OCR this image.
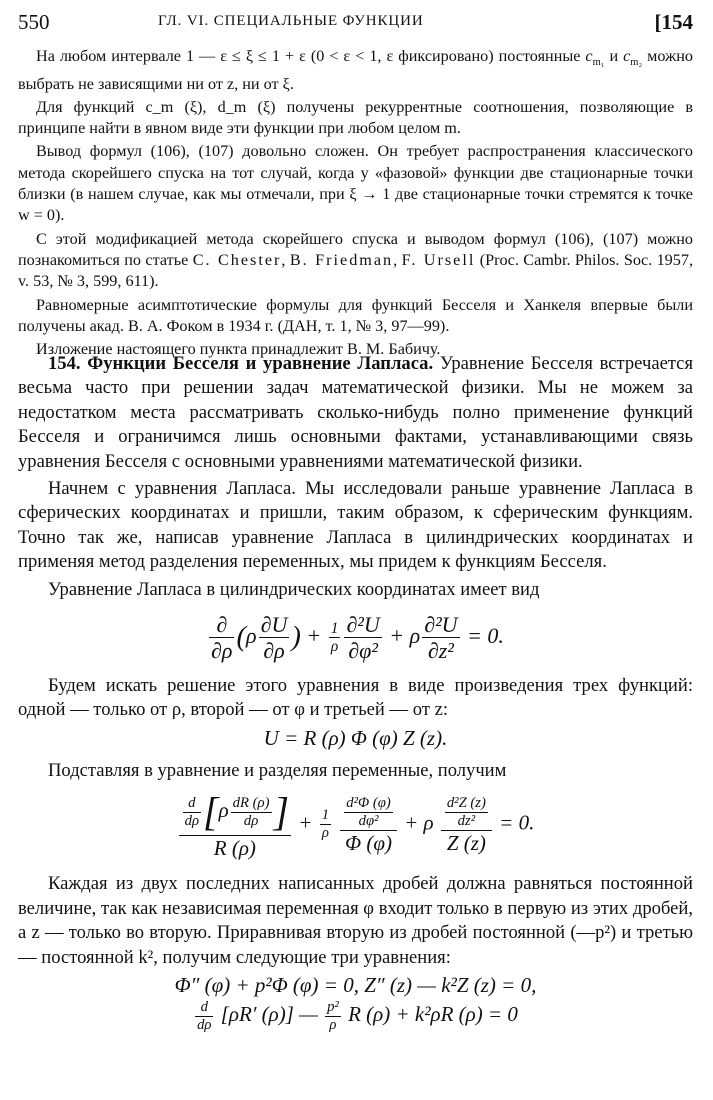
550	ГЛ. VI. СПЕЦИАЛЬНЫЕ ФУНКЦИИ	[154

На любом интервале 1 — ε ≤ ξ ≤ 1 + ε (0 < ε < 1, ε фиксировано) постоянные $c_{m_1}$ и $c_{m_2}$ можно выбрать не зависящими ни от z, ни от ξ.

Для функций c_m (ξ), d_m (ξ) получены рекуррентные соотношения, позволяющие в принципе найти в явном виде эти функции при любом целом m.

Вывод формул (106), (107) довольно сложен. Он требует распространения классического метода скорейшего спуска на тот случай, когда у «фазовой» функции две стационарные точки близки (в нашем случае, как мы отмечали, при ξ → 1 две стационарные точки стремятся к точке w = 0).

С этой модификацией метода скорейшего спуска и выводом формул (106), (107) можно познакомиться по статье C. Chester, B. Friedman, F. Ursell (Proc. Cambr. Philos. Soc. 1957, v. 53, № 3, 599, 611).

Равномерные асимптотические формулы для функций Бесселя и Ханкеля впервые были получены акад. В. А. Фоком в 1934 г. (ДАН, т. 1, № 3, 97—99).

Изложение настоящего пункта принадлежит В. М. Бабичу.

154. Функции Бесселя и уравнение Лапласа. Уравнение Бесселя встречается весьма часто при решении задач математической физики. Мы не можем за недостатком места рассматривать сколько-нибудь полно применение функций Бесселя и ограничимся лишь основными фактами, устанавливающими связь уравнения Бесселя с основными уравнениями математической физики.

Начнем с уравнения Лапласа. Мы исследовали раньше уравнение Лапласа в сферических координатах и пришли, таким образом, к сферическим функциям. Точно так же, написав уравнение Лапласа в цилиндрических координатах и применяя метод разделения переменных, мы придем к функциям Бесселя.

Уравнение Лапласа в цилиндрических координатах имеет вид

$\frac{\partial}{\partial\rho} (\rho \frac{\partial U}{\partial\rho}$ ) + $\frac{1}{\rho} \frac{\text{∂²U}}{\text{∂φ²}} + \rho \frac{\text{∂²U}}{\text{∂z²}} = 0$.

Будем искать решение этого уравнения в виде произведения трех функций: одной — только от ρ, второй — от φ и третьей — от z:

U = R (ρ) Φ (φ) Z (z).

Подставляя в уравнение и разделяя переменные, получим

$\frac{\frac{d}{d\rho} [\rho \frac{dR (\rho)}{d\rho} ]}{R (\rho)} + \frac{1}{\rho}$
$\frac{\frac{\text{d²Φ (φ)}}{\text{dφ²}}}{\Phi (\varphi)} + \rho \frac{\frac{\text{d²Z (z)}}{\text{dz²}}}{Z (z)} = 0$.

Каждая из двух последних написанных дробей должна равняться постоянной величине, так как независимая переменная φ входит только в первую из этих дробей, а z — только во вторую. Приравнивая вторую из дробей постоянной (—p²) и третью — постоянной k², получим следующие три уравнения:

Φ″ (φ) + p²Φ (φ) = 0, Z″ (z) — k²Z (z) = 0,

$\frac{d}{d\rho} [\rho R'$ (ρ)] — $\frac{\text{p²}}{\rho}$ R (ρ) + k²ρR (ρ) = 0
